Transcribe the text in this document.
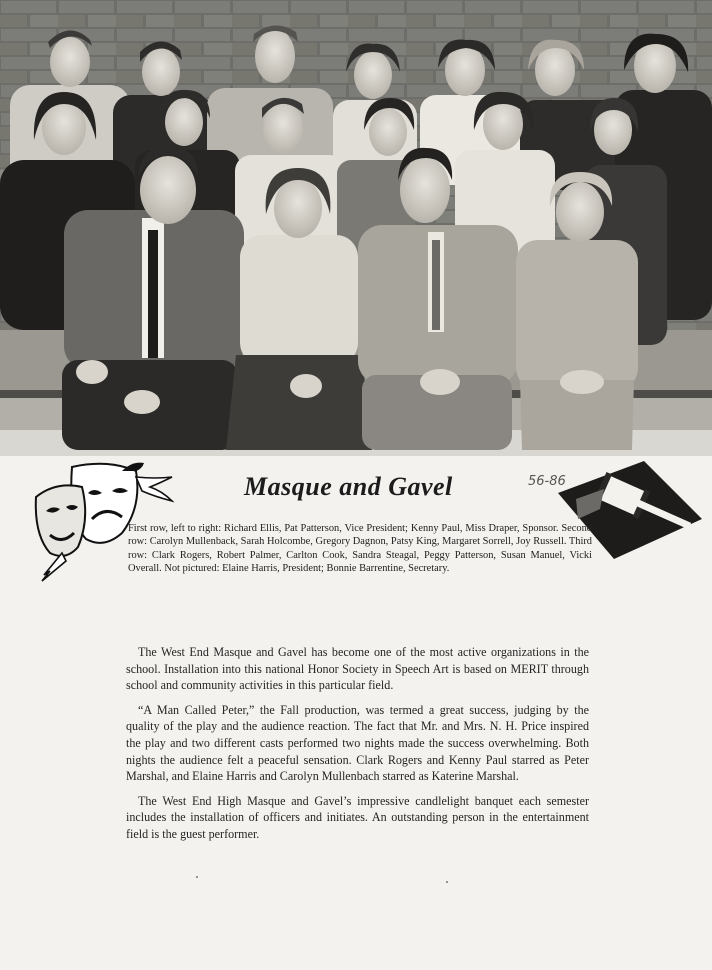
Masque and Gavel	56-86
First row, left to right: Richard Ellis, Pat Patterson, Vice President; Kenny Paul, Miss Draper, Sponsor. Second row: Carolyn Mullenback, Sarah Holcombe, Gregory Dagnon, Patsy King, Margaret Sorrell, Joy Russell. Third row: Clark Rogers, Robert Palmer, Carlton Cook, Sandra Steagal, Peggy Patterson, Susan Manuel, Vicki Overall. Not pictured: Elaine Harris, President; Bonnie Barrentine, Secretary.

The West End Masque and Gavel has become one of the most active organizations in the school. Installation into this national Honor Society in Speech Art is based on MERIT through school and community activities in this particular field.

“A Man Called Peter,” the Fall production, was termed a great success, judging by the quality of the play and the audience reaction. The fact that Mr. and Mrs. N. H. Price inspired the play and two different casts performed two nights made the success overwhelming. Both nights the audience felt a peaceful sensation. Clark Rogers and Kenny Paul starred as Peter Marshal, and Elaine Harris and Carolyn Mullenbach starred as Katerine Marshal.

The West End High Masque and Gavel’s impressive candlelight banquet each semester includes the installation of officers and initiates. An outstanding person in the entertainment field is the guest performer.
